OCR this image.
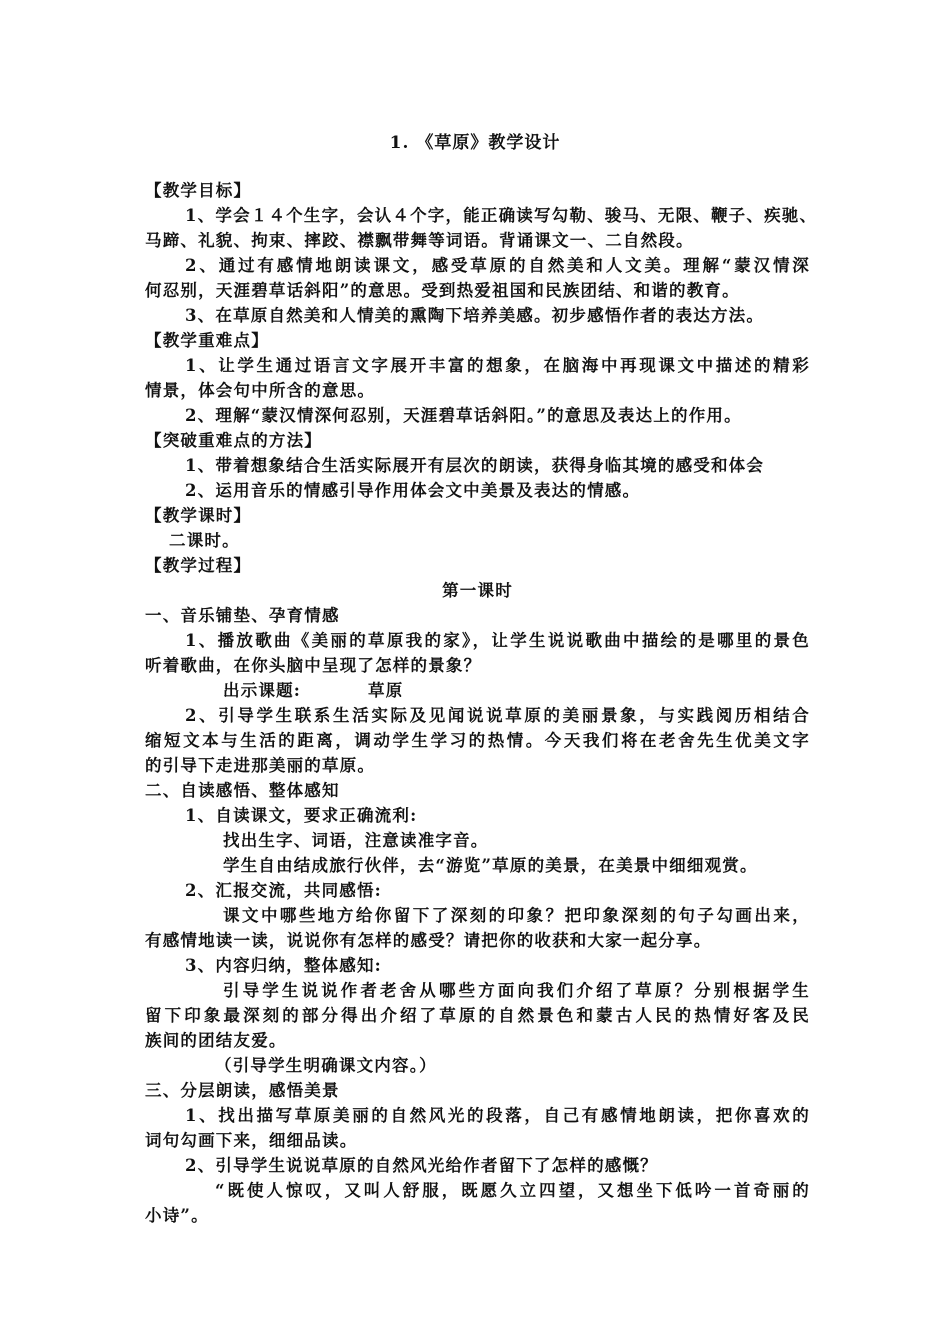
1. 《草原》教学设计
【教学目标】
1、学会１４个生字，会认４个字，能正确读写勾勒、骏马、无限、鞭子、疾驰、
马蹄、礼貌、拘束、摔跤、襟飘带舞等词语。背诵课文一、二自然段。
2、通过有感情地朗读课文，感受草原的自然美和人文美。理解“蒙汉情深
何忍别，天涯碧草话斜阳”的意思。受到热爱祖国和民族团结、和谐的教育。
3、在草原自然美和人情美的熏陶下培养美感。初步感悟作者的表达方法。
【教学重难点】
1、让学生通过语言文字展开丰富的想象，在脑海中再现课文中描述的精彩
情景，体会句中所含的意思。
2、理解“蒙汉情深何忍别，天涯碧草话斜阳。”的意思及表达上的作用。
【突破重难点的方法】
1、带着想象结合生活实际展开有层次的朗读，获得身临其境的感受和体会
2、运用音乐的情感引导作用体会文中美景及表达的情感。
【教学课时】
二课时。
【教学过程】
第一课时
一、音乐铺垫、孕育情感
1、播放歌曲《美丽的草原我的家》，让学生说说歌曲中描绘的是哪里的景色
听着歌曲，在你头脑中呈现了怎样的景象？
出示课题:	草原
2、引导学生联系生活实际及见闻说说草原的美丽景象，与实践阅历相结合
缩短文本与生活的距离，调动学生学习的热情。今天我们将在老舍先生优美文字
的引导下走进那美丽的草原。
二、自读感悟、整体感知
1、自读课文，要求正确流利:
找出生字、词语，注意读准字音。
学生自由结成旅行伙伴，去“游览”草原的美景，在美景中细细观赏。
2、汇报交流，共同感悟:
课文中哪些地方给你留下了深刻的印象？把印象深刻的句子勾画出来，
有感情地读一读，说说你有怎样的感受？请把你的收获和大家一起分享。
3、内容归纳，整体感知:
引导学生说说作者老舍从哪些方面向我们介绍了草原？分别根据学生
留下印象最深刻的部分得出介绍了草原的自然景色和蒙古人民的热情好客及民
族间的团结友爱。
（引导学生明确课文内容。）
三、分层朗读，感悟美景
1、找出描写草原美丽的自然风光的段落，自己有感情地朗读，把你喜欢的
词句勾画下来，细细品读。
2、引导学生说说草原的自然风光给作者留下了怎样的感慨？
“既使人惊叹，又叫人舒服，既愿久立四望，又想坐下低吟一首奇丽的
小诗”。
